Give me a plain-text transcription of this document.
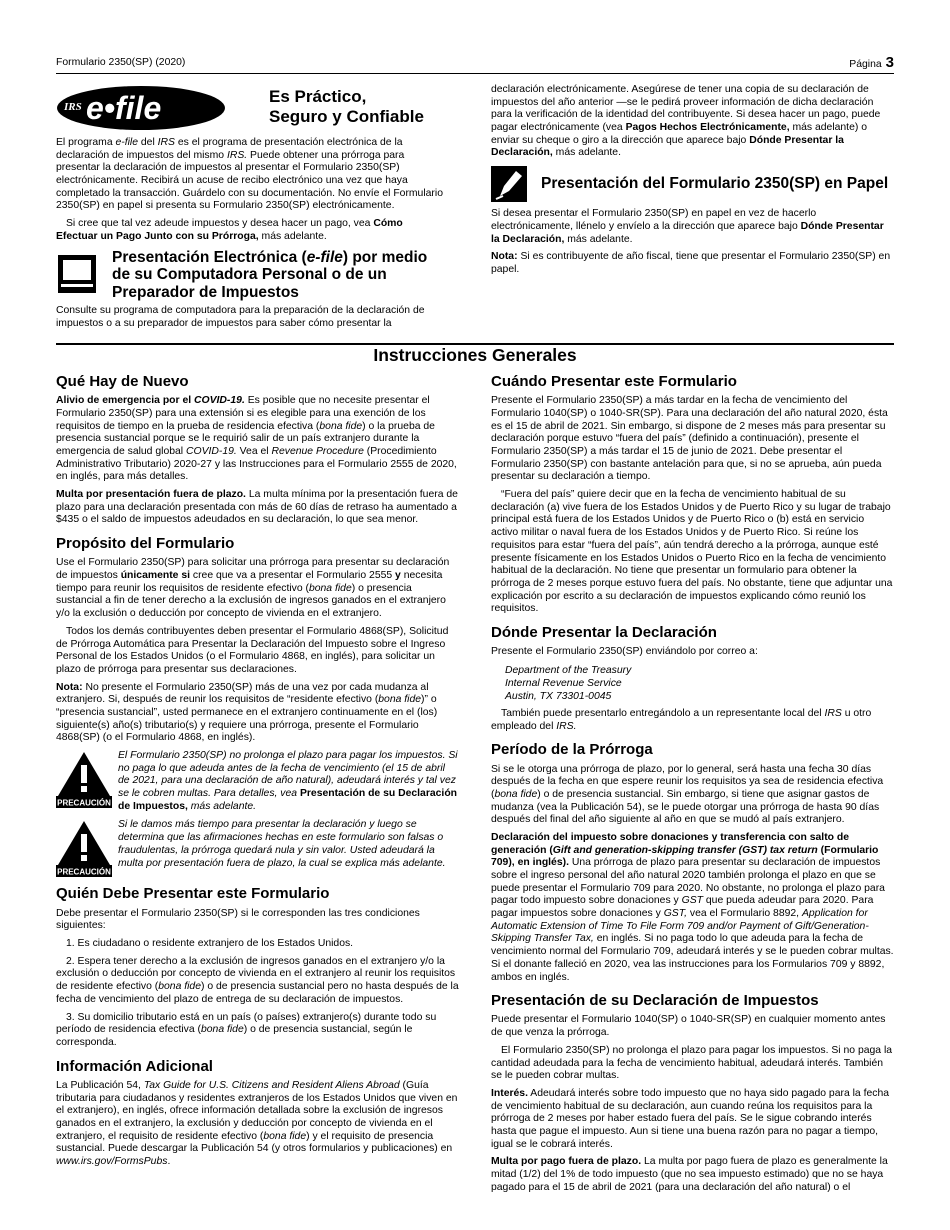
Formulario 2350(SP) (2020)	Página 3
IRS e•file	Es Práctico,
Seguro y Confiable
El programa e-file del IRS es el programa de presentación electrónica de la declaración de impuestos del mismo IRS. Puede obtener una prórroga para presentar la declaración de impuestos al presentar el Formulario 2350(SP) electrónicamente. Recibirá un acuse de recibo electrónico una vez que haya completado la transacción. Guárdelo con su documentación. No envíe el Formulario 2350(SP) en papel si presenta su Formulario 2350(SP) electrónicamente.
Si cree que tal vez adeude impuestos y desea hacer un pago, vea Cómo Efectuar un Pago Junto con su Prórroga, más adelante.
Presentación Electrónica (e-file) por medio de su Computadora Personal o de un Preparador de Impuestos
Consulte su programa de computadora para la preparación de la declaración de impuestos o a su preparador de impuestos para saber cómo presentar la
declaración electrónicamente. Asegúrese de tener una copia de su declaración de impuestos del año anterior —se le pedirá proveer información de dicha declaración para la verificación de la identidad del contribuyente. Si desea hacer un pago, puede pagar electrónicamente (vea Pagos Hechos Electrónicamente, más adelante) o enviar su cheque o giro a la dirección que aparece bajo Dónde Presentar la Declaración, más adelante.
Presentación del Formulario 2350(SP) en Papel
Si desea presentar el Formulario 2350(SP) en papel en vez de hacerlo electrónicamente, llénelo y envíelo a la dirección que aparece bajo Dónde Presentar la Declaración, más adelante.
Nota: Si es contribuyente de año fiscal, tiene que presentar el Formulario 2350(SP) en papel.
Instrucciones Generales
Qué Hay de Nuevo
Alivio de emergencia por el COVID-19. Es posible que no necesite presentar el Formulario 2350(SP) para una extensión si es elegible para una exención de los requisitos de tiempo en la prueba de residencia efectiva (bona fide) o la prueba de presencia sustancial porque se le requirió salir de un país extranjero durante la emergencia de salud global COVID-19. Vea el Revenue Procedure (Procedimiento Administrativo Tributario) 2020-27 y las Instrucciones para el Formulario 2555 de 2020, en inglés, para más detalles.
Multa por presentación fuera de plazo. La multa mínima por la presentación fuera de plazo para una declaración presentada con más de 60 días de retraso ha aumentado a $435 o el saldo de impuestos adeudados en su declaración, lo que sea menor.
Propósito del Formulario
Use el Formulario 2350(SP) para solicitar una prórroga para presentar su declaración de impuestos únicamente si cree que va a presentar el Formulario 2555 y necesita tiempo para reunir los requisitos de residente efectivo (bona fide) o presencia sustancial a fin de tener derecho a la exclusión de ingresos ganados en el extranjero y/o la exclusión o deducción por concepto de vivienda en el extranjero.
Todos los demás contribuyentes deben presentar el Formulario 4868(SP), Solicitud de Prórroga Automática para Presentar la Declaración del Impuesto sobre el Ingreso Personal de los Estados Unidos (o el Formulario 4868, en inglés), para solicitar un plazo de prórroga para presentar sus declaraciones.
Nota: No presente el Formulario 2350(SP) más de una vez por cada mudanza al extranjero. Si, después de reunir los requisitos de “residente efectivo (bona fide)” o “presencia sustancial”, usted permanece en el extranjero continuamente en el (los) siguiente(s) año(s) tributario(s) y requiere una prórroga, presente el Formulario 4868(SP) (o el Formulario 4868, en inglés).
PRECAUCIÓN
El Formulario 2350(SP) no prolonga el plazo para pagar los impuestos. Si no paga lo que adeuda antes de la fecha de vencimiento (el 15 de abril de 2021, para una declaración de año natural), adeudará interés y tal vez se le cobren multas. Para detalles, vea Presentación de su Declaración de Impuestos, más adelante.
PRECAUCIÓN
Si le damos más tiempo para presentar la declaración y luego se determina que las afirmaciones hechas en este formulario son falsas o fraudulentas, la prórroga quedará nula y sin valor. Usted adeudará la multa por presentación fuera de plazo, la cual se explica más adelante.
Quién Debe Presentar este Formulario
Debe presentar el Formulario 2350(SP) si le corresponden las tres condiciones siguientes:
1. Es ciudadano o residente extranjero de los Estados Unidos.
2. Espera tener derecho a la exclusión de ingresos ganados en el extranjero y/o la exclusión o deducción por concepto de vivienda en el extranjero al reunir los requisitos de residente efectivo (bona fide) o de presencia sustancial pero no hasta después de la fecha de vencimiento del plazo de entrega de su declaración de impuestos.
3. Su domicilio tributario está en un país (o países) extranjero(s) durante todo su período de residencia efectiva (bona fide) o de presencia sustancial, según le corresponda.
Información Adicional
La Publicación 54, Tax Guide for U.S. Citizens and Resident Aliens Abroad (Guía tributaria para ciudadanos y residentes extranjeros de los Estados Unidos que viven en el extranjero), en inglés, ofrece información detallada sobre la exclusión de ingresos ganados en el extranjero, la exclusión y deducción por concepto de vivienda en el extranjero, el requisito de residente efectivo (bona fide) y el requisito de presencia sustancial. Puede descargar la Publicación 54 (y otros formularios y publicaciones) en www.irs.gov/FormsPubs.
Cuándo Presentar este Formulario
Presente el Formulario 2350(SP) a más tardar en la fecha de vencimiento del Formulario 1040(SP) o 1040-SR(SP). Para una declaración del año natural 2020, ésta es el 15 de abril de 2021. Sin embargo, si dispone de 2 meses más para presentar su declaración porque estuvo “fuera del país” (definido a continuación), presente el Formulario 2350(SP) a más tardar el 15 de junio de 2021. Debe presentar el Formulario 2350(SP) con bastante antelación para que, si no se aprueba, aún pueda presentar su declaración a tiempo.
“Fuera del país” quiere decir que en la fecha de vencimiento habitual de su declaración (a) vive fuera de los Estados Unidos y de Puerto Rico y su lugar de trabajo principal está fuera de los Estados Unidos y de Puerto Rico o (b) está en servicio activo militar o naval fuera de los Estados Unidos y de Puerto Rico. Si reúne los requisitos para estar “fuera del país”, aún tendrá derecho a la prórroga, aunque esté presente físicamente en los Estados Unidos o Puerto Rico en la fecha de vencimiento habitual de la declaración. No tiene que presentar un formulario para obtener la prórroga de 2 meses porque estuvo fuera del país. No obstante, tiene que adjuntar una explicación por escrito a su declaración de impuestos explicando cómo reunió los requisitos.
Dónde Presentar la Declaración
Presente el Formulario 2350(SP) enviándolo por correo a:
Department of the Treasury
Internal Revenue Service
Austin, TX 73301-0045
También puede presentarlo entregándolo a un representante local del IRS u otro empleado del IRS.
Período de la Prórroga
Si se le otorga una prórroga de plazo, por lo general, será hasta una fecha 30 días después de la fecha en que espere reunir los requisitos ya sea de residencia efectiva (bona fide) o de presencia sustancial. Sin embargo, si tiene que asignar gastos de mudanza (vea la Publicación 54), se le puede otorgar una prórroga de hasta 90 días después del final del año siguiente al año en que se mudó al país extranjero.
Declaración del impuesto sobre donaciones y transferencia con salto de generación (Gift and generation-skipping transfer (GST) tax return (Formulario 709), en inglés). Una prórroga de plazo para presentar su declaración de impuestos sobre el ingreso personal del año natural 2020 también prolonga el plazo en que se puede presentar el Formulario 709 para 2020. No obstante, no prolonga el plazo para pagar todo impuesto sobre donaciones y GST que pueda adeudar para 2020. Para pagar impuestos sobre donaciones y GST, vea el Formulario 8892, Application for Automatic Extension of Time To File Form 709 and/or Payment of Gift/Generation-Skipping Transfer Tax, en inglés. Si no paga todo lo que adeuda para la fecha de vencimiento normal del Formulario 709, adeudará interés y se le pueden cobrar multas. Si el donante falleció en 2020, vea las instrucciones para los Formularios 709 y 8892, ambos en inglés.
Presentación de su Declaración de Impuestos
Puede presentar el Formulario 1040(SP) o 1040-SR(SP) en cualquier momento antes de que venza la prórroga.
El Formulario 2350(SP) no prolonga el plazo para pagar los impuestos. Si no paga la cantidad adeudada para la fecha de vencimiento habitual, adeudará interés. También se le pueden cobrar multas.
Interés. Adeudará interés sobre todo impuesto que no haya sido pagado para la fecha de vencimiento habitual de su declaración, aun cuando reúna los requisitos para la prórroga de 2 meses por haber estado fuera del país. Se le sigue cobrando interés hasta que pague el impuesto. Aun si tiene una buena razón para no pagar a tiempo, igual se le cobrará interés.
Multa por pago fuera de plazo. La multa por pago fuera de plazo es generalmente la mitad (1/2) del 1% de todo impuesto (que no sea impuesto estimado) que no se haya pagado para el 15 de abril de 2021 (para una declaración del año natural) o el
